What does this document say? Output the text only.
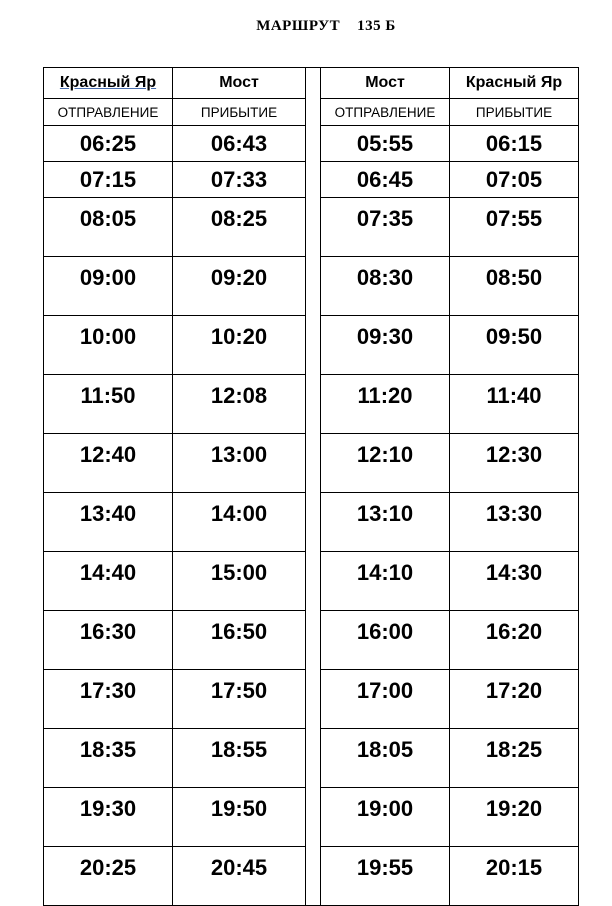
МАРШРУТ    135 Б
Красный Яр	Мост		Мост	Красный Яр
ОТПРАВЛЕНИЕ	ПРИБЫТИЕ		ОТПРАВЛЕНИЕ	ПРИБЫТИЕ
06:25	06:43		05:55	06:15
07:15	07:33		06:45	07:05
08:05	08:25		07:35	07:55
09:00	09:20		08:30	08:50
10:00	10:20		09:30	09:50
11:50	12:08		11:20	11:40
12:40	13:00		12:10	12:30
13:40	14:00		13:10	13:30
14:40	15:00		14:10	14:30
16:30	16:50		16:00	16:20
17:30	17:50		17:00	17:20
18:35	18:55		18:05	18:25
19:30	19:50		19:00	19:20
20:25	20:45		19:55	20:15
